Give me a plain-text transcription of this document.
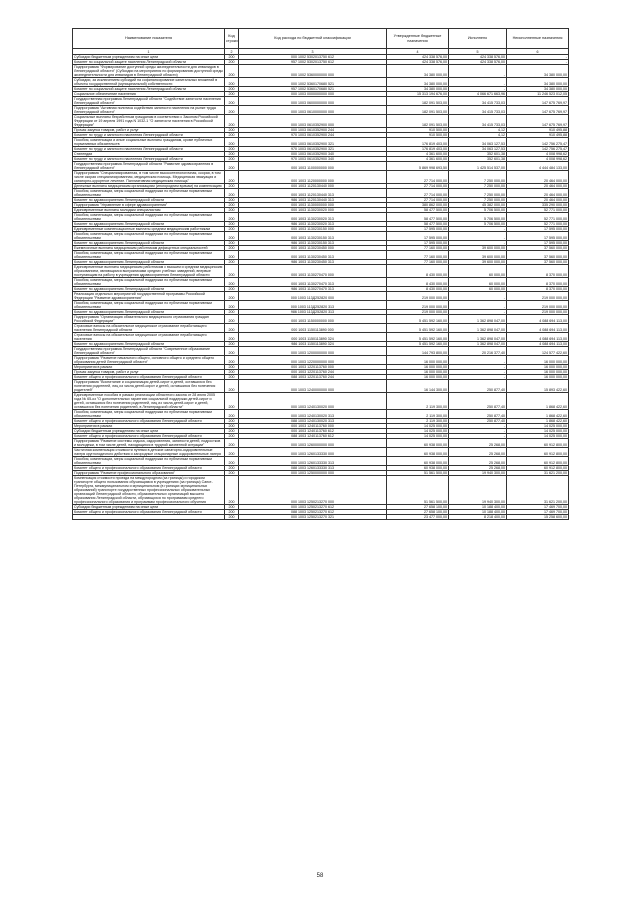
Наименование показателя	Код строки	Код расхода по бюджетной классификации	Утвержденные бюджетные назначения	Исполнено	Неисполненные назначения
1	2	3	4	5	6
Субсидии бюджетным учреждениям на иные цели	200	000 1002 5302013750 612	424 338 576,00	424 338 576,00	-
Комитет по социальной защите населения Ленинградской области	200	957 1002 5302013750 612	424 338 576,00	424 338 576,00	-
Подпрограмма "Формирование доступной среды жизнедеятельности для инвалидов в Ленинградской области" (Субсидии на мероприятия по формированию доступной среды жизнедеятельности для инвалидов в Ленинградской области)	200	000 1002 5360000000 000	34 380 000,00	-	34 380 000,00
Субсидии, за исключением субсидий на софинансирование капитальных вложений в объекты государственной (муниципальной) собственности	200	000 1002 5360170680 521	34 380 000,00	-	34 380 000,00
Комитет по социальной защите населения Ленинградской области	200	957 1002 5360170680 521	34 380 000,00	-	34 380 000,00
Социальное обеспечение населения	200	000 1003 0000000000 000	15 313 194 676,00	4 066 671 663,96	11 246 523 012,05
Государственная программа Ленинградской области "Содействие занятости населения Ленинградской области"	200	000 1003 0600000000 000	182 091 503,00	34 415 733,03	147 675 769,97
Подпрограмма "Активная политика содействия занятости населения на рынке труда Ленинградской области"	200	000 1003 0610000000 000	182 091 503,00	34 415 733,03	147 675 769,97
Социальные выплаты безработным гражданам в соответствии с Законом Российской Федерации от 19 апреля 1991 года N 1032-1 "О занятости населения в Российской Федерации"	200	000 1003 0610352900 000	182 091 503,00	34 415 733,03	147 675 769,97
Прочая закупка товаров, работ и услуг	200	000 1003 0610352900 244	910 500,00	4,12	910 495,88
Комитет по труду и занятости населения Ленинградской области	200	970 1003 0610352900 244	910 500,00	4,12	910 495,88
Пособия, компенсации и иные социальные выплаты гражданам, кроме публичных нормативных обязательств	200	000 1003 0610352900 321	176 819 403,00	34 063 127,53	142 756 275,47
Комитет по труду и занятости населения Ленинградской области	200	970 1003 0610352900 321	176 819 403,00	34 063 127,53	142 756 275,47
Стипендии	200	000 1003 0610352900 340	4 361 600,00	352 601,38	4 008 998,62
Комитет по труду и занятости населения Ленинградской области	200	970 1003 0610352900 340	4 361 600,00	352 601,38	4 008 998,62
Государственная программа Ленинградской области "Развитие здравоохранения в Ленинградской области"	200	000 1003 1100000000 000	5 869 998 693,50	1 425 514 537,00	4 444 484 133,00
Подпрограмма "Специализированная, в том числе высокотехнологичная, скорая, в том числе скорая специализированная, медицинская помощь. Медицинская эвакуация и санаторно-курортное лечение. Паллиативная медицинская помощь"	200	000 1003 1120000000 000	27 714 000,00	7 250 000,00	20 464 000,00
Денежные выплаты медицинским организациям (иногородним врачам) на компенсацию	200	000 1003 1120130440 000	27 714 000,00	7 250 000,00	20 464 000,00
Пособия, компенсации, меры социальной поддержки по публичным нормативным обязательствам	200	000 1003 1120130440 313	27 714 000,00	7 250 000,00	20 464 000,00
Комитет по здравоохранению Ленинградской области	200	986 1003 1120130440 313	27 714 000,00	7 250 000,00	20 464 000,00
Подпрограмма "Управление в сфере здравоохранения"	200	000 1003 1130000000 000	380 862 000,00	45 382 000,00	335 290 000,00
Единовременные выплаты молодым специалистам	200	000 1003 1130230020 000	58 477 500,00	5 706 500,00	52 771 000,00
Пособия, компенсации, меры социальной поддержки по публичным нормативным обязательствам	200	000 1003 1130230020 313	58 477 500,00	5 706 500,00	52 771 000,00
Комитет по здравоохранению Ленинградской области	200	986 1003 1130230020 313	58 477 500,00	5 706 500,00	52 771 000,00
Единовременные компенсационные выплаты средним медицинским работникам	200	000 1003 1130230150 000	17 595 000,00	-	17 595 000,00
Пособия, компенсации, меры социальной поддержки по публичным нормативным обязательствам	200	000 1003 1130230150 313	17 595 000,00	-	17 595 000,00
Комитет по здравоохранению Ленинградской области	200	986 1003 1130230150 313	17 595 000,00	-	17 595 000,00
Ежемесячные выплаты медицинским работникам дефицитных специальностей	200	000 1003 1130230450 000	77 160 000,00	39 600 000,00	37 560 000,00
Пособия, компенсации, меры социальной поддержки по публичным нормативным обязательствам	200	000 1003 1130230450 313	77 160 000,00	39 600 000,00	37 560 000,00
Комитет по здравоохранению Ленинградской области	200	986 1003 1130230450 313	77 160 000,00	39 600 000,00	37 560 000,00
Единовременные выплаты медицинским работникам с высшим и средним медицинским образованием, являющимся выпускниками средних учебных заведений, впервые поступающим на работу в учреждения здравоохранения Ленинградской области	200	000 1003 1130270470 000	8 430 000,00	60 000,00	8 370 000,00
Пособия, компенсации, меры социальной поддержки по публичным нормативным обязательствам	200	000 1003 1130270470 313	8 430 000,00	60 000,00	8 370 000,00
Комитет по здравоохранению Ленинградской области	200	986 1003 1130270470 313	8 430 000,00	60 000,00	8 370 000,00
Реализация отдельных мероприятий государственной программы Российской Федерации "Развитие здравоохранения"	200	000 1003 113Д252820 000	219 000 000,00	-	219 000 000,00
Пособия, компенсации, меры социальной поддержки по публичным нормативным обязательствам	200	000 1003 113Д252820 313	219 000 000,00	-	219 000 000,00
Комитет по здравоохранению Ленинградской области	200	986 1003 113Д252820 313	219 000 000,00	-	219 000 000,00
Подпрограмма "Организация обязательного медицинского страхования граждан Российской Федерации"	200	000 1003 1150000000 000	5 451 592 160,00	1 362 898 047,00	4 088 694 113,00
Страховые взносы на обязательное медицинское страхование неработающего населения Ленинградской области	200	000 1003 1150113890 000	5 451 592 160,00	1 362 898 047,00	4 088 694 113,00
Страховые взносы на обязательное медицинское страхование неработающего населения	200	000 1003 1150113890 324	5 451 592 160,00	1 362 898 047,00	4 088 694 113,00
Комитет по здравоохранению Ленинградской области	200	986 1003 1150113890 324	5 451 592 160,00	1 362 898 047,00	4 088 694 113,00
Государственная программа Ленинградской области "Современное образование Ленинградской области"	200	000 1003 1200000000 000	144 793 800,00	20 216 377,40	124 577 422,60
Подпрограмма "Развитие начального общего, основного общего и среднего общего образования детей Ленинградской области"	200	000 1003 1220000000 000	16 000 000,00	-	16 000 000,00
Мероприятия в рамках	200	000 1003 1220113760 000	16 000 000,00	-	16 000 000,00
Прочая закупка товаров, работ и услуг	200	000 1003 1220113760 244	16 000 000,00	-	16 000 000,00
Комитет общего и профессионального образования Ленинградской области	200	088 1003 1220113760 244	16 000 000,00	-	16 000 000,00
Подпрограмма "Воспитание и социализация детей-сирот и детей, оставшихся без попечения родителей, лиц из числа детей-сирот и детей, оставшихся без попечения родителей"	200	000 1003 1240000000 000	16 144 300,00	250 877,40	15 893 422,60
Единовременные пособия в рамках реализации областного закона от 28 июля 2005 года № 65-оз "О дополнительных гарантиях социальной поддержки детей-сирот и детей, оставшихся без попечения родителей, лиц из числа детей-сирот и детей, оставшихся без попечения родителей, в Ленинградской области"	200	000 1003 1240130020 000	2 119 300,00	250 877,40	1 868 422,60
Пособия, компенсации, меры социальной поддержки по публичным нормативным обязательствам	200	000 1003 1240130020 313	2 119 300,00	250 877,40	1 868 422,60
Комитет общего и профессионального образования Ленинградской области	200	088 1003 1240130020 313	2 119 300,00	250 877,40	1 868 422,60
Мероприятия в рамках	200	000 1003 1240113760 000	14 025 000,00	-	14 025 000,00
Субсидии бюджетным учреждениям на иные цели	200	000 1003 1240113760 612	14 025 000,00	-	14 025 000,00
Комитет общего и профессионального образования Ленинградской области	200	088 1003 1240113760 612	14 025 000,00	-	14 025 000,00
Подпрограмма "Развитие системы отдыха, оздоровления, занятости детей, подростков и молодежи, в том числе детей, находящихся в трудной жизненной ситуации"	200	000 1003 1260000000 000	60 938 000,00	25 268,00	60 912 800,00
Частичная компенсация стоимости путевки в детские санаторно-оздоровительные лагеря круглогодичного действия и загородные стационарные оздоровительные лагеря	200	000 1003 1260133330 000	60 938 000,00	25 268,00	60 912 800,00
Пособия, компенсации, меры социальной поддержки по публичным нормативным обязательствам	200	000 1003 1260133330 313	60 938 000,00	25 268,00	60 912 800,00
Комитет общего и профессионального образования Ленинградской области	200	088 1003 1260133330 313	60 938 000,00	25 268,00	60 912 800,00
Подпрограмма "Развитие профессионального образования"	200	000 1003 1250000000 000	51 561 500,00	19 940 300,00	31 621 200,00
Компенсация стоимости проезда на междугородном (за границы) и городском транспорте общего пользования обучающимся в учреждениях (за границы) Санкт-Петербурга, межмуниципальном и муниципальном (в границах муниципальных образований) транспорте государственных профессиональных образовательных организаций Ленинградской области, образовательных организаций высшего образования Ленинградской области, обучающихся по программам среднего профессионального образования и программам профессионального обучения	200	000 1003 1250213270 000	51 561 500,00	19 940 300,00	31 621 200,00
Субсидии бюджетным учреждениям на иные цели	200	000 1003 1250213270 612	27 658 100,00	10 188 400,00	17 469 700,00
Комитет общего и профессионального образования Ленинградской области	200	088 1003 1250213270 612	27 658 100,00	10 188 400,00	17 469 700,00
	200	000 1003 1250213270 321	23 477 000,00	8 218 400,00	15 258 600,00
58
